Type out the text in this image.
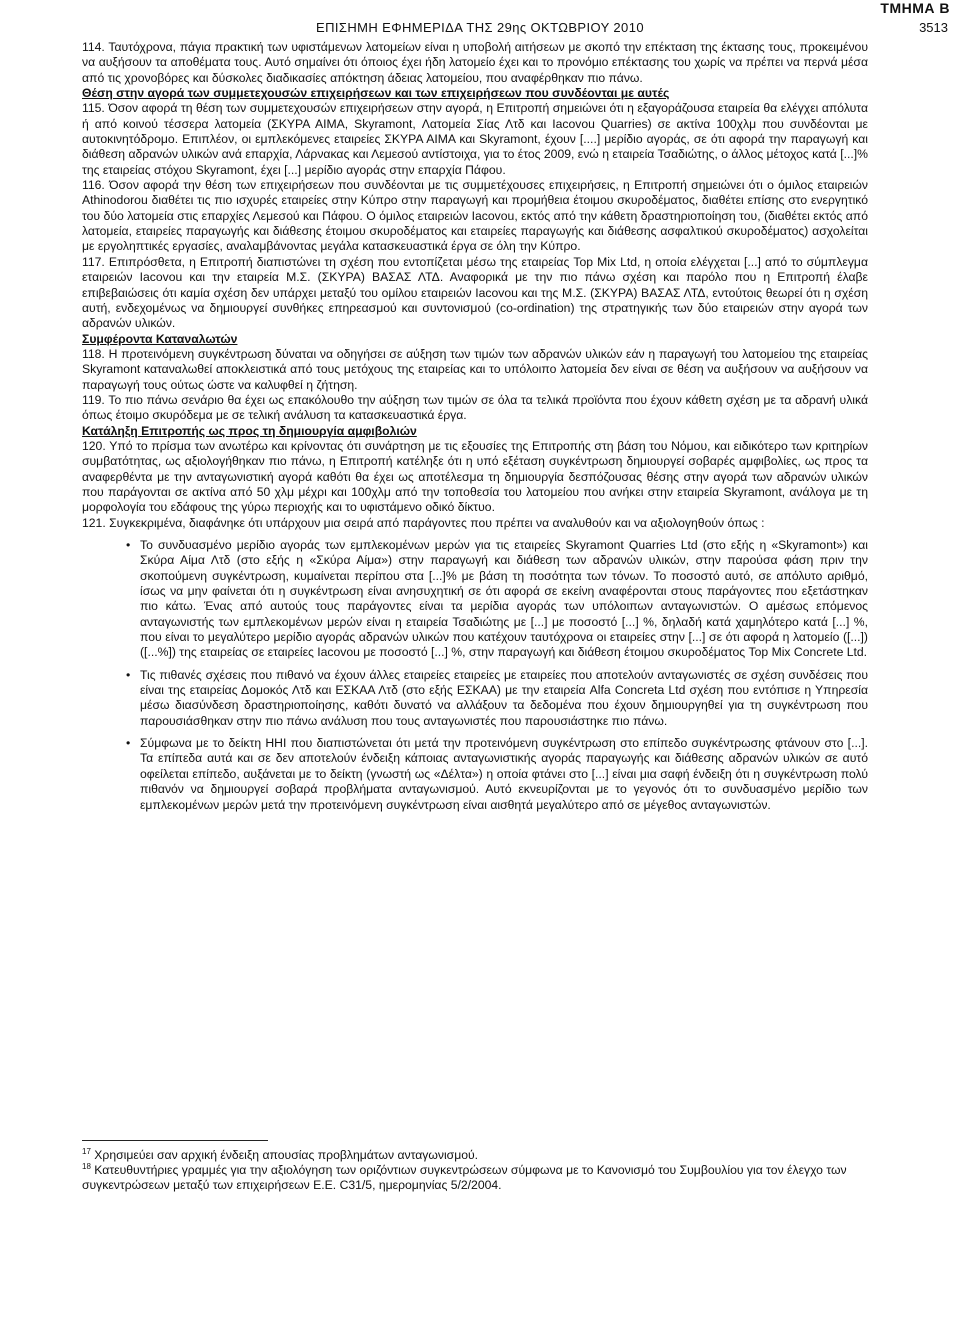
ΤΜΗΜΑ Β
ΕΠΙΣΗΜΗ ΕΦΗΜΕΡΙΔΑ ΤΗΣ 29ης ΟΚΤΩΒΡΙΟΥ 2010	3513

114. Ταυτόχρονα, πάγια πρακτική των υφιστάμενων λατομείων είναι η υποβολή αιτήσεων με σκοπό την επέκταση της έκτασης τους, προκειμένου να αυξήσουν τα αποθέματα τους. Αυτό σημαίνει ότι όποιος έχει ήδη λατομείο έχει και το προνόμιο επέκτασης του χωρίς να πρέπει να περνά μέσα από τις χρονοβόρες και δύσκολες διαδικασίες απόκτηση άδειας λατομείου, που αναφέρθηκαν πιο πάνω.

Θέση στην αγορά των συμμετεχουσών επιχειρήσεων και των επιχειρήσεων που συνδέονται με αυτές

115. Όσον αφορά τη θέση των συμμετεχουσών επιχειρήσεων στην αγορά, η Επιτροπή σημειώνει ότι η εξαγοράζουσα εταιρεία θα ελέγχει απόλυτα ή από κοινού τέσσερα λατομεία (ΣΚΥΡΑ ΑΙΜΑ, Skyramont, Λατομεία Σίας Λτδ και Iacovou Quarries) σε ακτίνα 100χλμ που συνδέονται με αυτοκινητόδρομο. Επιπλέον, οι εμπλεκόμενες εταιρείες ΣΚΥΡΑ ΑΙΜΑ και Skyramont, έχουν [....] μερίδιο αγοράς, σε ότι αφορά την παραγωγή και διάθεση αδρανών υλικών ανά επαρχία, Λάρνακας και Λεμεσού αντίστοιχα, για το έτος 2009, ενώ η εταιρεία Τσαδιώτης, ο άλλος μέτοχος κατά [...]% της εταιρείας στόχου Skyramont, έχει [...] μερίδιο αγοράς στην επαρχία Πάφου.

116. Όσον αφορά την θέση των επιχειρήσεων που συνδέονται με τις συμμετέχουσες επιχειρήσεις, η Επιτροπή σημειώνει ότι ο όμιλος εταιρειών Athinodorou διαθέτει τις πιο ισχυρές εταιρείες στην Κύπρο στην παραγωγή και προμήθεια έτοιμου σκυροδέματος, διαθέτει επίσης στο ενεργητικό του δύο λατομεία στις επαρχίες Λεμεσού και Πάφου. Ο όμιλος εταιρειών Iacovou, εκτός από την κάθετη δραστηριοποίηση του, (διαθέτει εκτός από λατομεία, εταιρείες παραγωγής και διάθεσης έτοιμου σκυροδέματος και εταιρείες παραγωγής και διάθεσης ασφαλτικού σκυροδέματος) ασχολείται με εργοληπτικές εργασίες, αναλαμβάνοντας μεγάλα κατασκευαστικά έργα σε όλη την Κύπρο.

117. Επιπρόσθετα, η Επιτροπή διαπιστώνει τη σχέση που εντοπίζεται μέσω της εταιρείας Top Mix Ltd, η οποία ελέγχεται [...] από το σύμπλεγμα εταιρειών Iacovou και την εταιρεία Μ.Σ. (ΣΚΥΡΑ) ΒΑΣΑΣ ΛΤΔ. Αναφορικά με την πιο πάνω σχέση και παρόλο που η Επιτροπή έλαβε επιβεβαιώσεις ότι καμία σχέση δεν υπάρχει μεταξύ του ομίλου εταιρειών Iacovou και της Μ.Σ. (ΣΚΥΡΑ) ΒΑΣΑΣ ΛΤΔ, εντούτοις θεωρεί ότι η σχέση αυτή, ενδεχομένως να δημιουργεί συνθήκες επηρεασμού και συντονισμού (co-ordination) της στρατηγικής των δύο εταιρειών στην αγορά των αδρανών υλικών.

Συμφέροντα Καταναλωτών

118. Η προτεινόμενη συγκέντρωση δύναται να οδηγήσει σε αύξηση των τιμών των αδρανών υλικών εάν η παραγωγή του λατομείου της εταιρείας Skyramont καταναλωθεί αποκλειστικά από τους μετόχους της εταιρείας και το υπόλοιπο λατομεία δεν είναι σε θέση να αυξήσουν να αυξήσουν να παραγωγή τους ούτως ώστε να καλυφθεί η ζήτηση.

119. Το πιο πάνω σενάριο θα έχει ως επακόλουθο την αύξηση των τιμών σε όλα τα τελικά προϊόντα που έχουν κάθετη σχέση με τα αδρανή υλικά όπως έτοιμο σκυρόδεμα με σε τελική ανάλυση τα κατασκευαστικά έργα.

Κατάληξη Επιτροπής ως προς τη δημιουργία αμφιβολιών

120. Υπό το πρίσμα των ανωτέρω και κρίνοντας ότι συνάρτηση με τις εξουσίες της Επιτροπής στη βάση του Νόμου, και ειδικότερο των κριτηρίων συμβατότητας, ως αξιολογήθηκαν πιο πάνω, η Επιτροπή κατέληξε ότι η υπό εξέταση συγκέντρωση δημιουργεί σοβαρές αμφιβολίες, ως προς τα αναφερθέντα με την ανταγωνιστική αγορά καθότι θα έχει ως αποτέλεσμα τη δημιουργία δεσπόζουσας θέσης στην αγορά των αδρανών υλικών που παράγονται σε ακτίνα από 50 χλμ μέχρι και 100χλμ από την τοποθεσία του λατομείου που ανήκει στην εταιρεία Skyramont, ανάλογα με τη μορφολογία του εδάφους της γύρω περιοχής και το υφιστάμενο οδικό δίκτυο.

121. Συγκεκριμένα, διαφάνηκε ότι υπάρχουν μια σειρά από παράγοντες που πρέπει να αναλυθούν και να αξιολογηθούν όπως :

• Το συνδυασμένο μερίδιο αγοράς των εμπλεκομένων μερών για τις εταιρείες Skyramont Quarries Ltd (στο εξής η «Skyramont») και Σκύρα Αίμα Λτδ (στο εξής η «Σκύρα Αίμα») στην παραγωγή και διάθεση των αδρανών υλικών, στην παρούσα φάση πριν την σκοπούμενη συγκέντρωση, κυμαίνεται περίπου στα [...]% με βάση τη ποσότητα των τόνων. Το ποσοστό αυτό, σε απόλυτο αριθμό, ίσως να μην φαίνεται ότι η συγκέντρωση είναι ανησυχητική σε ότι αφορά σε εκείνη αναφέρονται στους παράγοντες που εξετάστηκαν πιο κάτω. Ένας από αυτούς τους παράγοντες είναι τα μερίδια αγοράς των υπόλοιπων ανταγωνιστών. Ο αμέσως επόμενος ανταγωνιστής των εμπλεκομένων μερών είναι η εταιρεία Τσαδιώτης με [...] με ποσοστό [...] %, δηλαδή κατά χαμηλότερο κατά [...] %, που είναι το μεγαλύτερο μερίδιο αγοράς αδρανών υλικών που κατέχουν ταυτόχρονα οι εταιρείες στην [...] σε ότι αφορά η λατομείο ([...]) ([...%]) της εταιρείας σε εταιρείες Iacovou με ποσοστό [...] %, στην παραγωγή και διάθεση έτοιμου σκυροδέματος Top Mix Concrete Ltd.
• Τις πιθανές σχέσεις που πιθανό να έχουν άλλες εταιρείες εταιρείες με εταιρείες που αποτελούν ανταγωνιστές σε σχέση συνδέσεις που είναι της εταιρείας Δομοκός Λτδ και ΕΣΚΑΑ Λτδ (στο εξής ΕΣΚΑΑ) με την εταιρεία Alfa Concreta Ltd σχέση που εντόπισε η Υπηρεσία μέσω διασύνδεση δραστηριοποίησης, καθότι δυνατό να αλλάξουν τα δεδομένα που έχουν δημιουργηθεί για τη συγκέντρωση που παρουσιάσθηκαν στην πιο πάνω ανάλυση που τους ανταγωνιστές που παρουσιάστηκε πιο πάνω.
• Σύμφωνα με το δείκτη ΗΗΙ που διαπιστώνεται ότι μετά την προτεινόμενη συγκέντρωση στο επίπεδο συγκέντρωσης φτάνουν στο [...]. Τα επίπεδα αυτά και σε δεν αποτελούν ένδειξη κάποιας ανταγωνιστικής αγοράς παραγωγής και διάθεσης αδρανών υλικών σε αυτό οφείλεται επίπεδο, αυξάνεται με το δείκτη (γνωστή ως «Δέλτα») η οποία φτάνει στο [...] είναι μια σαφή ένδειξη ότι η συγκέντρωση πολύ πιθανόν να δημιουργεί σοβαρά προβλήματα ανταγωνισμού. Αυτό εκνευρίζονται με το γεγονός ότι το συνδυασμένο μερίδιο των εμπλεκομένων μερών μετά την προτεινόμενη συγκέντρωση είναι αισθητά μεγαλύτερο από σε μέγεθος ανταγωνιστών.

$^{17}$ Χρησιμεύει σαν αρχική ένδειξη απουσίας προβλημάτων ανταγωνισμού.

$^{18}$ Κατευθυντήριες γραμμές για την αξιολόγηση των οριζόντιων συγκεντρώσεων σύμφωνα με το Κανονισμό του Συμβουλίου για τον έλεγχο των συγκεντρώσεων μεταξύ των επιχειρήσεων Ε.Ε. C31/5, ημερομηνίας 5/2/2004.
